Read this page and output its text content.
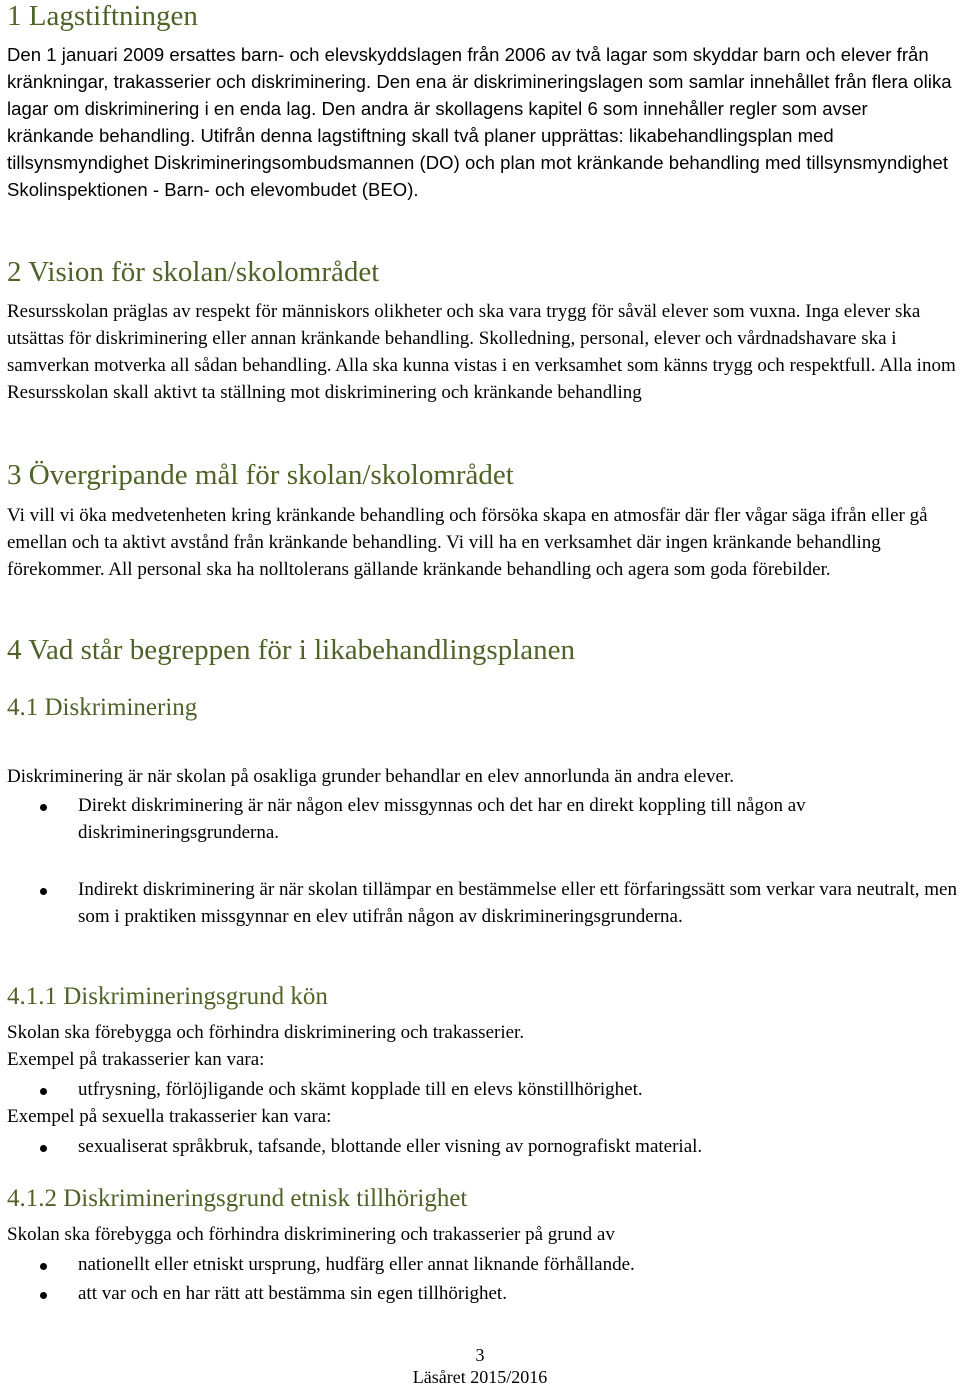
1 Lagstiftningen

Den 1 januari 2009 ersattes barn- och elevskyddslagen från 2006 av två lagar som skyddar barn och elever från kränkningar, trakasserier och diskriminering. Den ena är diskrimineringslagen som samlar innehållet från flera olika lagar om diskriminering i en enda lag. Den andra är skollagens kapitel 6 som innehåller regler som avser kränkande behandling. Utifrån denna lagstiftning skall två planer upprättas: likabehandlingsplan med tillsynsmyndighet Diskrimineringsombudsmannen (DO) och plan mot kränkande behandling med tillsynsmyndighet Skolinspektionen - Barn- och elevombudet (BEO).

2 Vision för skolan/skolområdet

Resursskolan präglas av respekt för människors olikheter och ska vara trygg för såväl elever som vuxna. Inga elever ska utsättas för diskriminering eller annan kränkande behandling. Skolledning, personal, elever och vårdnadshavare ska i samverkan motverka all sådan behandling. Alla ska kunna vistas i en verksamhet som känns trygg och respektfull. Alla inom Resursskolan skall aktivt ta ställning mot diskriminering och kränkande behandling

3 Övergripande mål för skolan/skolområdet

Vi vill vi öka medvetenheten kring kränkande behandling och försöka skapa en atmosfär där fler vågar säga ifrån eller gå emellan och ta aktivt avstånd från kränkande behandling. Vi vill ha en verksamhet där ingen kränkande behandling förekommer. All personal ska ha nolltolerans gällande kränkande behandling och agera som goda förebilder.

4 Vad står begreppen för i likabehandlingsplanen
4.1 Diskriminering

Diskriminering är när skolan på osakliga grunder behandlar en elev annorlunda än andra elever.

Direkt diskriminering är när någon elev missgynnas och det har en direkt koppling till någon av diskrimineringsgrunderna.
Indirekt diskriminering är när skolan tillämpar en bestämmelse eller ett förfaringssätt som verkar vara neutralt, men som i praktiken missgynnar en elev utifrån någon av diskrimineringsgrunderna.
4.1.1 Diskrimineringsgrund kön

Skolan ska förebygga och förhindra diskriminering och trakasserier.

Exempel på trakasserier kan vara:

utfrysning, förlöjligande och skämt kopplade till en elevs könstillhörighet.

Exempel på sexuella trakasserier kan vara:

sexualiserat språkbruk, tafsande, blottande eller visning av pornografiskt material.
4.1.2 Diskrimineringsgrund etnisk tillhörighet

Skolan ska förebygga och förhindra diskriminering och trakasserier på grund av

nationellt eller etniskt ursprung, hudfärg eller annat liknande förhållande.
att var och en har rätt att bestämma sin egen tillhörighet.
3
Läsåret 2015/2016
